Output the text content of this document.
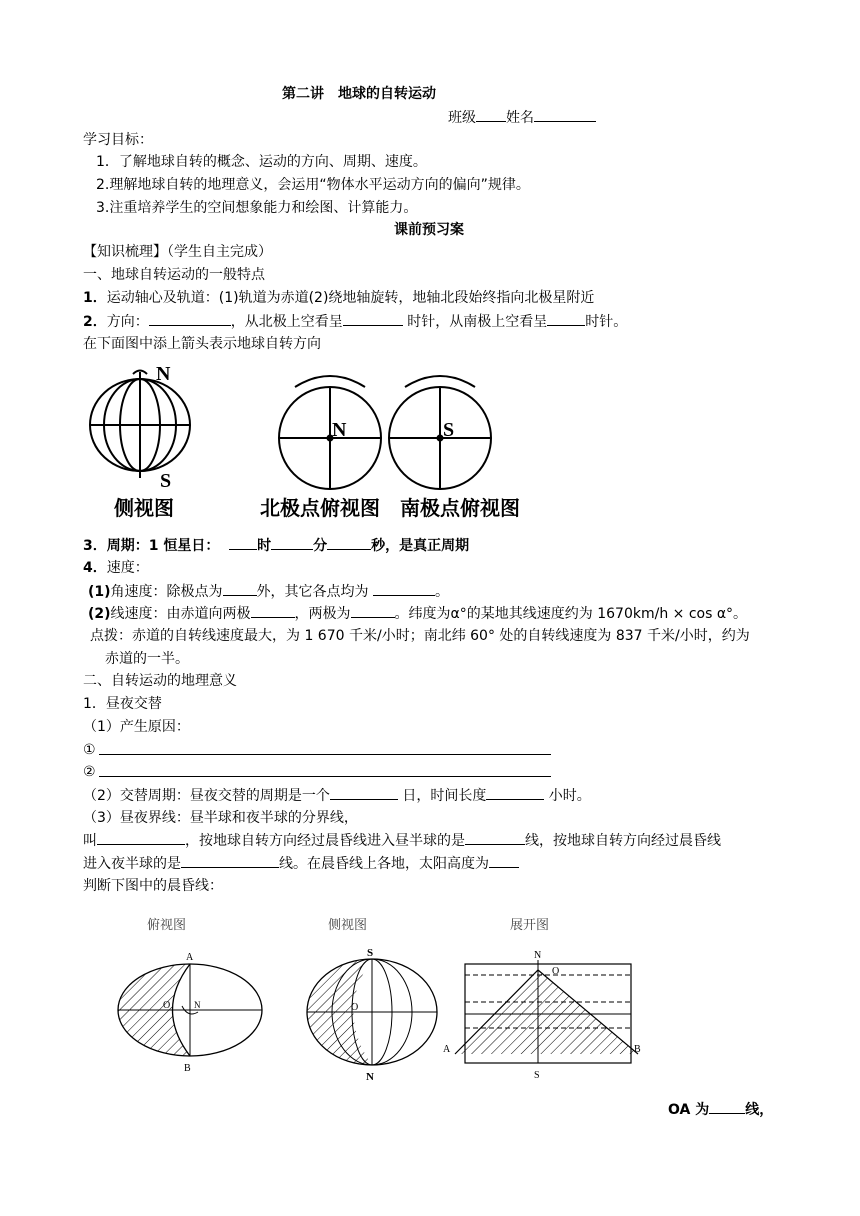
第二讲　地球的自转运动
班级 姓名
学习目标：
1．了解地球自转的概念、运动的方向、周期、速度。
2.理解地球自转的地理意义，会运用“物体水平运动方向的偏向”规律。
3.注重培养学生的空间想象能力和绘图、计算能力。
课前预习案
【知识梳理】（学生自主完成）
一、地球自转运动的一般特点
1．运动轴心及轨道：(1)轨道为赤道(2)绕地轴旋转，地轴北段始终指向北极星附近
2．方向：	，从北极上空看呈	时针，从南极上空看呈	时针。
在下面图中添上箭头表示地球自转方向
N
S
N	S
侧视图	北极点俯视图 南极点俯视图
3．周期：1 恒星日：	时	分	秒，是真正周期
4．速度：
(1)角速度：除极点为 外，其它各点均为	。
(2)线速度：由赤道向两极	，两极为	。纬度为α°的某地其线速度约为 1670km/h × cos α°。
点拨：赤道的自转线速度最大，为 1 670 千米/小时；南北纬 60° 处的自转线速度为 837 千米/小时，约为
赤道的一半。
二、自转运动的地理意义
1．昼夜交替
（1）产生原因：
①
②
（2）交替周期：昼夜交替的周期是一个	日，时间长度	小时。
（3）昼夜界线：昼半球和夜半球的分界线，
叫	，按地球自转方向经过晨昏线进入昼半球的是	线，按地球自转方向经过晨昏线
进入夜半球的是	线。在晨昏线上各地，太阳高度为
判断下图中的晨昏线：
俯视图	侧视图	展开图
A
B
O	N
S
N
O
N
O
A	B
S
OA 为	线，
